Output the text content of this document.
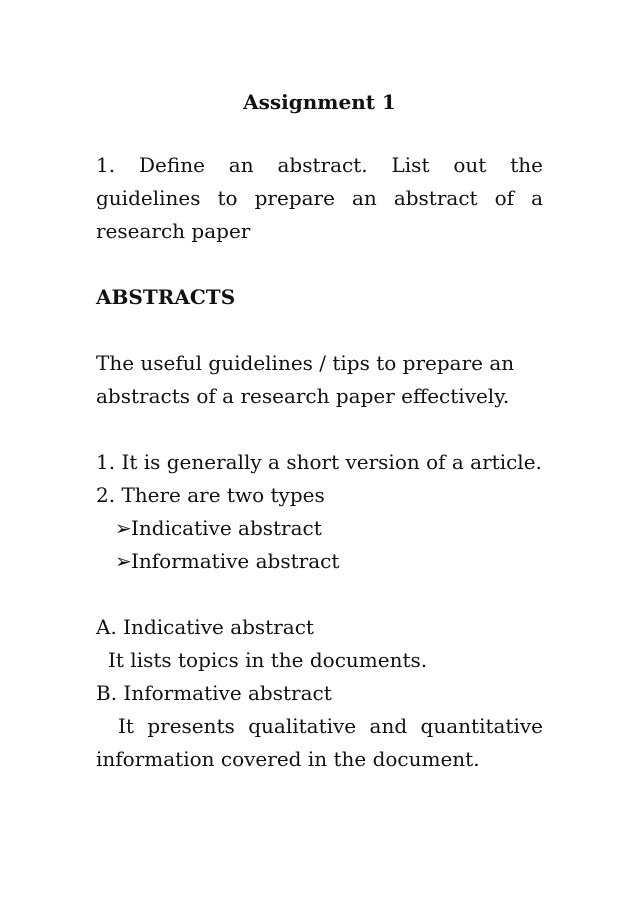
Assignment 1

1. Define an abstract. List out the guidelines to prepare an abstract of a research paper

ABSTRACTS

The useful guidelines / tips to prepare an abstracts of a research paper effectively.

1. It is generally a short version of a article.

2. There are two types

➢Indicative abstract

➢Informative abstract

A. Indicative abstract

It lists topics in the documents.

B. Informative abstract

It presents qualitative and quantitative information covered in the document.
